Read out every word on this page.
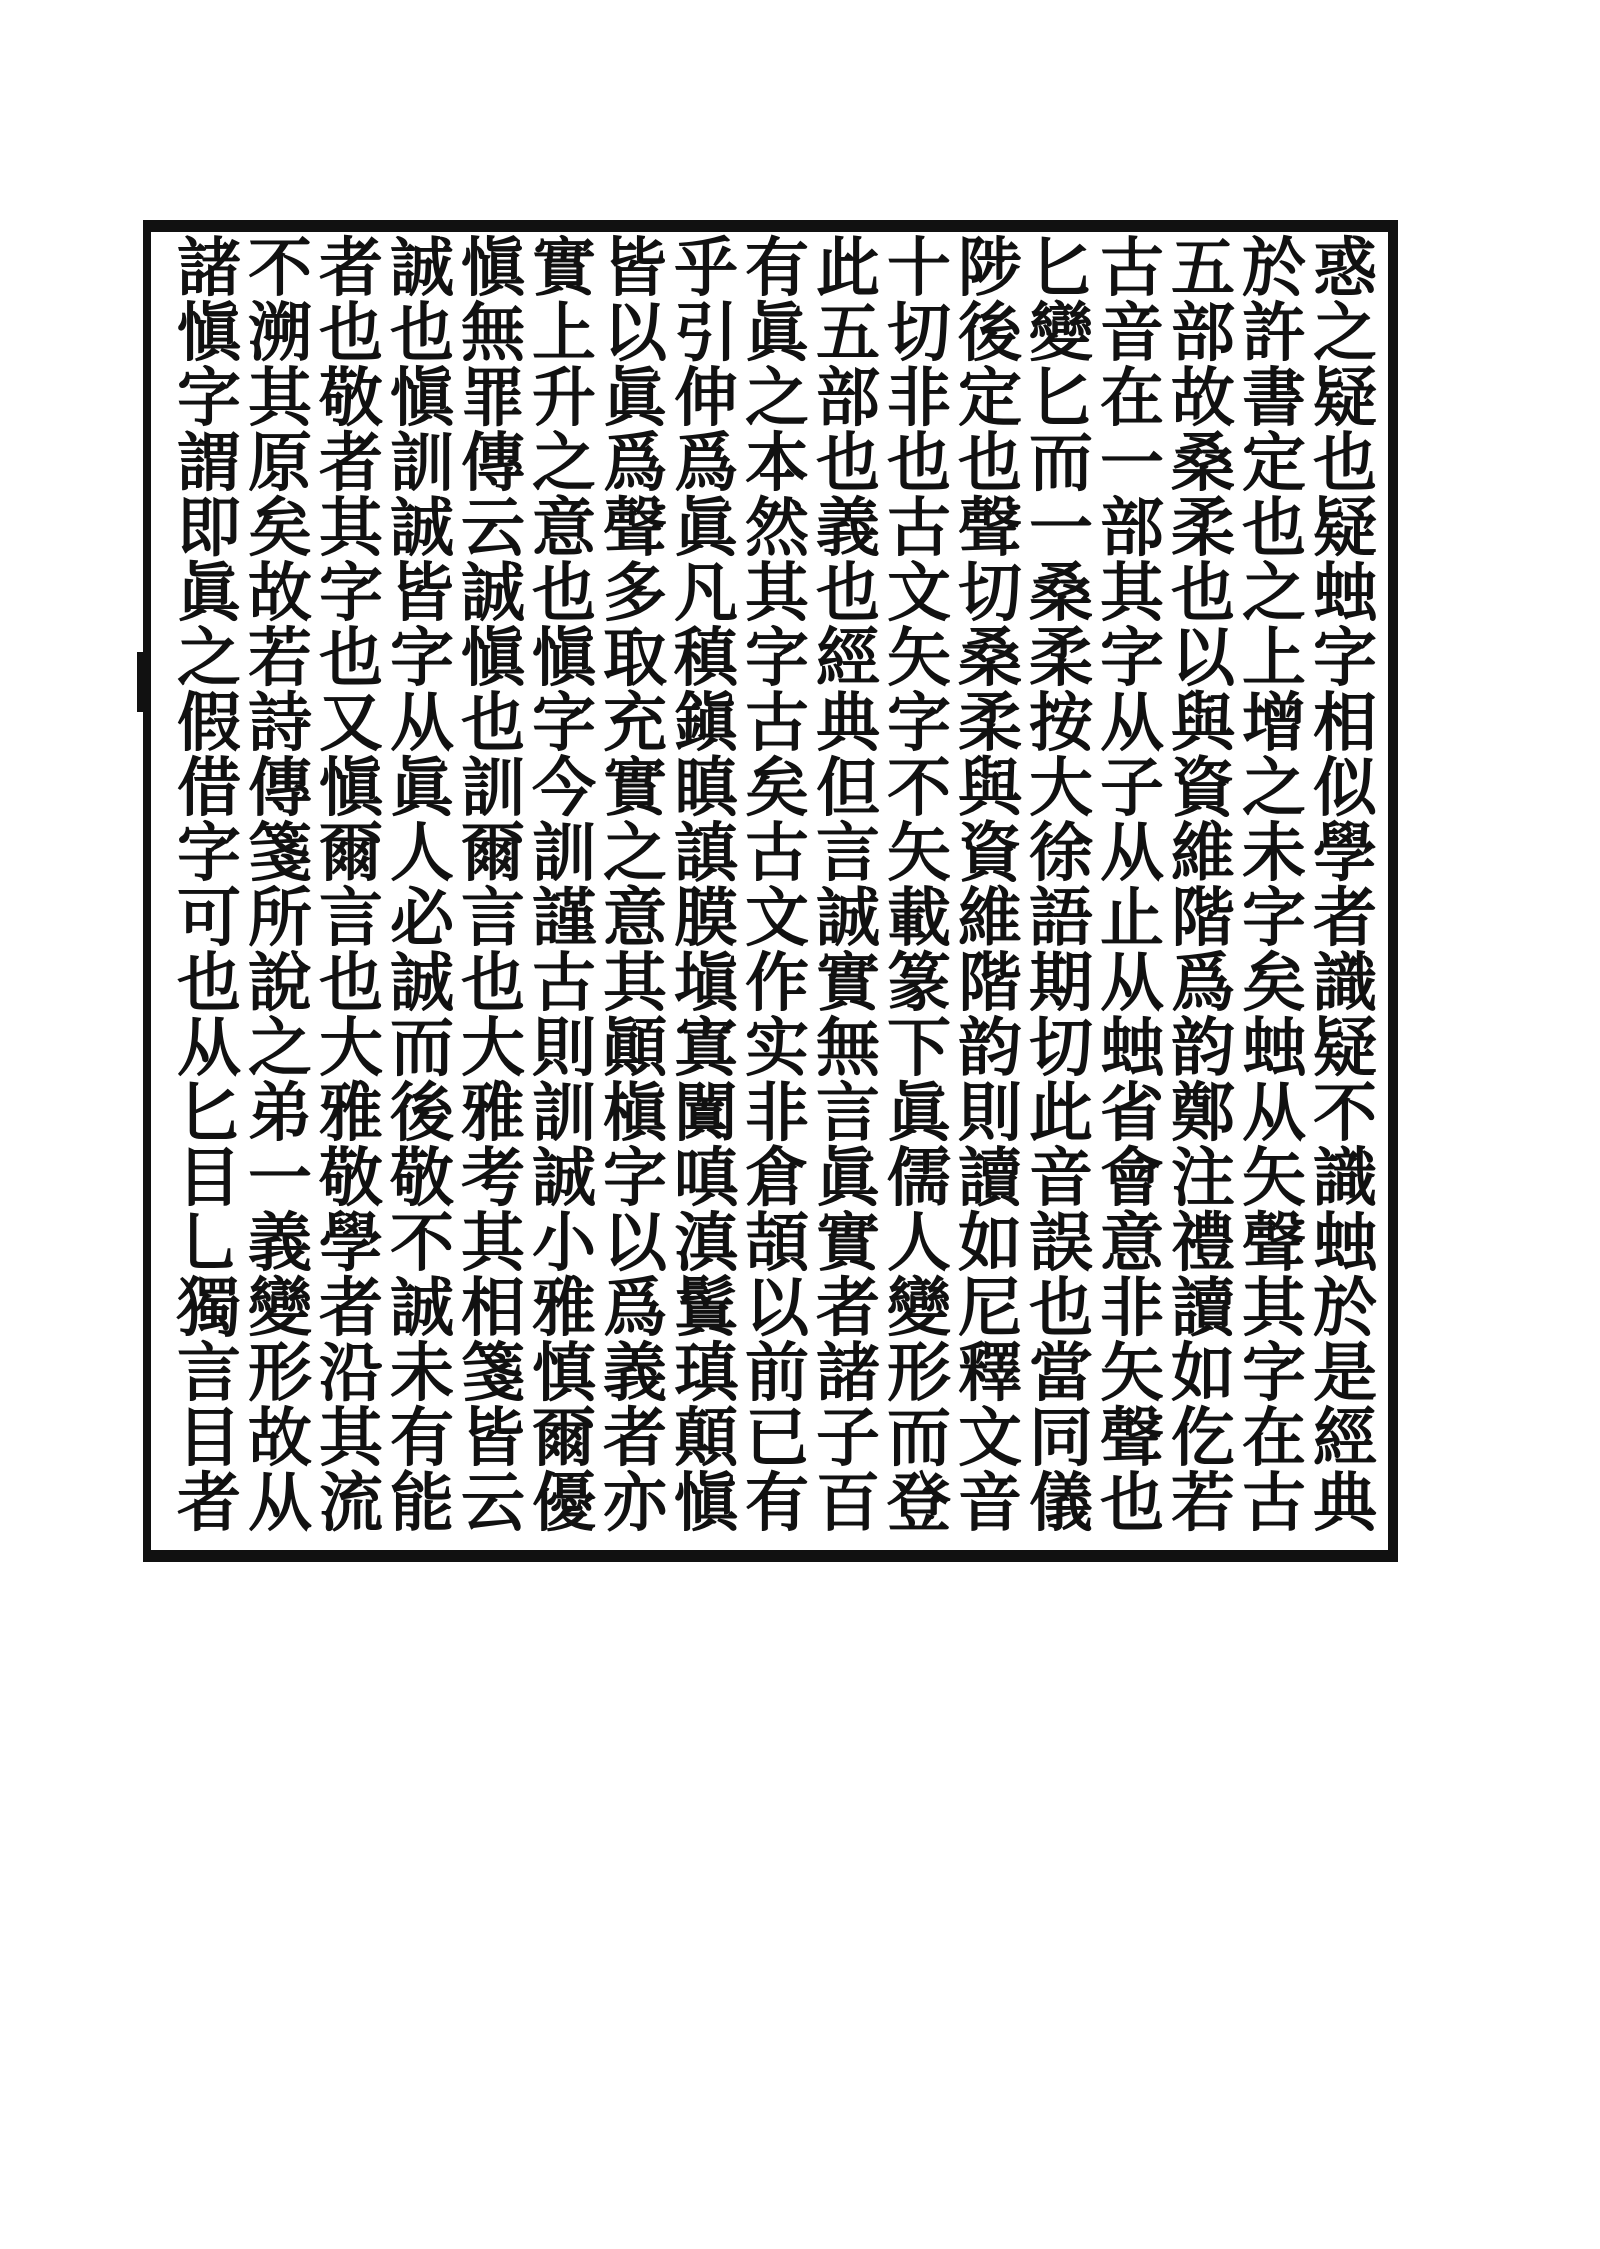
惑
之
疑
也
疑
䖵
字
相
似
學
者
識
疑
不
識
䖵
於
是
經
典
於
許
書
定
也
之
上
增
之
未
字
矣
䖵
从
矢
聲
其
字
在
古
五
部
故
桑
柔
也
以
與
資
維
階
爲
韵
鄭
注
禮
讀
如
仡
若
古
音
在
一
部
其
字
从
子
从
止
从
䖵
省
會
意
非
矢
聲
也
匕
變
匕
而
一
桑
柔
按
大
徐
語
期
切
此
音
誤
也
當
同
儀
陟
後
定
也
聲
切
桑
柔
與
資
維
階
韵
則
讀
如
尼
釋
文
音
十
切
非
也
古
文
矢
字
不
矢
載
篆
下
眞
儒
人
變
形
而
登
此
五
部
也
義
也
經
典
但
言
誠
實
無
言
眞
實
者
諸
子
百
有
眞
之
本
然
其
字
古
矣
古
文
作
实
非
倉
頡
以
前
已
有
乎
引
伸
爲
眞
凡
稹
鎭
瞋
謓
膜
塡
寘
闐
嗔
滇
鬒
瑱
顛
愼
皆
以
眞
爲
聲
多
取
充
實
之
意
其
顚
槇
字
以
爲
義
者
亦
實
上
升
之
意
也
愼
字
今
訓
謹
古
則
訓
誠
小
雅
慎
爾
優
愼
無
罪
傳
云
誠
愼
也
訓
爾
言
也
大
雅
考
其
相
箋
皆
云
誠
也
愼
訓
誠
皆
字
从
眞
人
必
誠
而
後
敬
不
誠
未
有
能
者
也
敬
者
其
字
也
又
愼
爾
言
也
大
雅
敬
學
者
沿
其
流
不
溯
其
原
矣
故
若
詩
傳
箋
所
說
之
弟
一
義
變
形
故
从
諸
愼
字
謂
即
眞
之
假
借
字
可
也
从
匕
目
乚
獨
言
目
者
